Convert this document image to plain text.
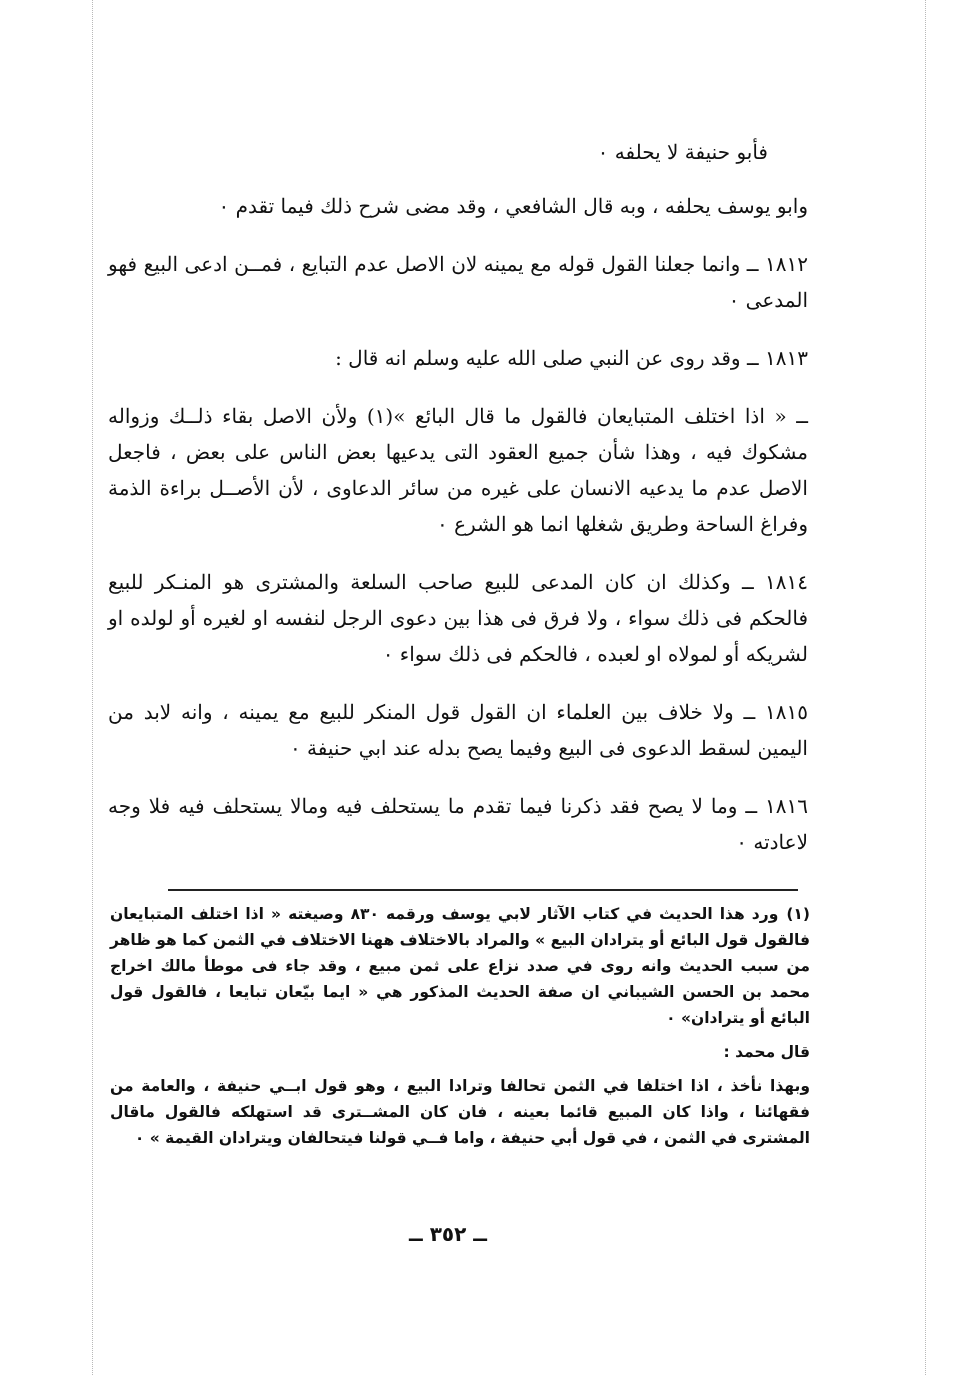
فأبو حنيفة لا يحلفه ٠

وابو يوسف يحلفه ، وبه قال الشافعي ، وقد مضى شرح ذلك فيما تقدم ٠

١٨١٢ ــ وانما جعلنا القول قوله مع يمينه لان الاصل عدم التبايع ، فمــن ادعى البيع فهو المدعى ٠

١٨١٣ ــ وقد روى عن النبي صلى الله عليه وسلم انه قال :

ــ « اذا اختلف المتبايعان فالقول ما قال البائع »(١) ولأن الاصل بقاء ذلــك وزواله مشكوك فيه ، وهذا شأن جميع العقود التى يدعيها بعض الناس على بعض ، فاجعل الاصل عدم ما يدعيه الانسان على غيره من سائر الدعاوى ، لأن الأصــل براءة الذمة وفراغ الساحة وطريق شغلها انما هو الشرع ٠

١٨١٤ ــ وكذلك ان كان المدعى للبيع صاحب السلعة والمشترى هو المنـكر للبيع فالحكم فى ذلك سواء ، ولا فرق فى هذا بين دعوى الرجل لنفسه او لغيره أو لولده او لشريكه أو لمولاه او لعبده ، فالحكم فى ذلك سواء ٠

١٨١٥ ــ ولا خلاف بين العلماء ان القول قول المنكر للبيع مع يمينه ، وانه لابد من اليمين لسقط الدعوى فى البيع وفيما يصح بدله عند ابي حنيفة ٠

١٨١٦ ــ وما لا يصح فقد ذكرنا فيما تقدم ما يستحلف فيه ومالا يستحلف فيه فلا وجه لاعادته ٠

(١)ورد هذا الحديث في كتاب الآثار لابي يوسف ورقمه ٨٣٠ وصيغته « اذا اختلف المتبايعان فالقول قول البائع أو يترادان البيع » والمراد بالاختلاف ههنا الاختلاف في الثمن كما هو ظاهر من سبب الحديث وانه روى في صدد نزاع على ثمن مبيع ، وقد جاء فى موطأ مالك اخراج محمد بن الحسن الشيباني ان صفة الحديث المذكور هي « ايما بيّعان تبايعا ، فالقول قول البائع أو يترادان» ٠

قال محمد :

وبهذا نأخذ ، اذا اختلفا في الثمن تحالفا وترادا البيع ، وهو قول ابــي حنيفة ، والعامة من فقهائنا ، واذا كان المبيع قائما بعينه ، فان كان المشــترى قد استهلكه فالقول ماقال المشترى في الثمن ، في قول أبي حنيفة ، واما فــي قولنا فيتحالفان ويترادان القيمة » ٠

ــ ٣٥٢ ــ
